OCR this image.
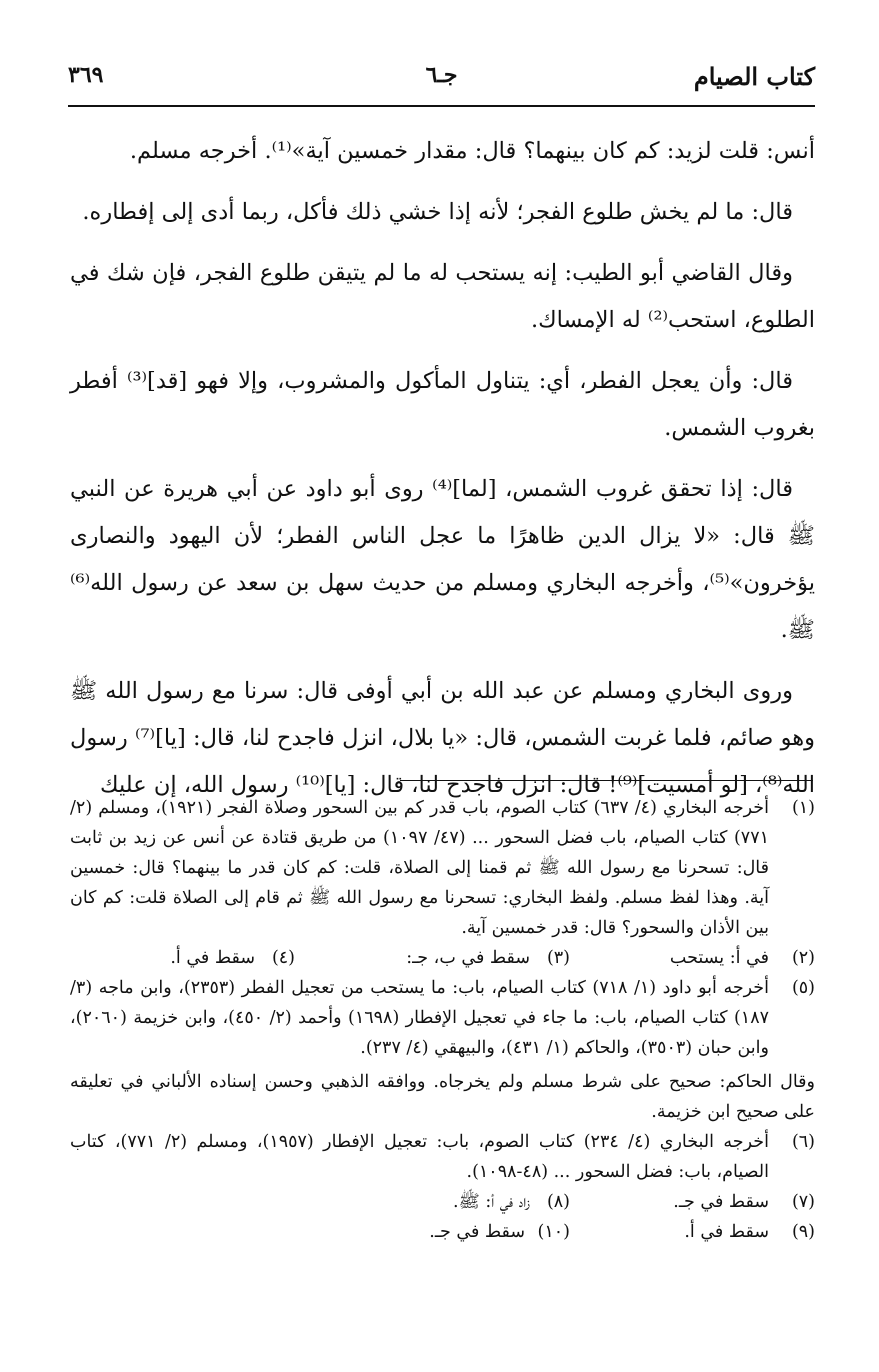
كتاب الصيام
جـ٦
٣٦٩

أنس: قلت لزيد: كم كان بينهما؟ قال: مقدار خمسين آية»⁽¹⁾. أخرجه مسلم.

قال: ما لم يخش طلوع الفجر؛ لأنه إذا خشي ذلك فأكل، ربما أدى إلى إفطاره.

وقال القاضي أبو الطيب: إنه يستحب له ما لم يتيقن طلوع الفجر، فإن شك في الطلوع، استحب⁽²⁾ له الإمساك.

قال: وأن يعجل الفطر، أي: يتناول المأكول والمشروب، وإلا فهو [قد]⁽³⁾ أفطر بغروب الشمس.

قال: إذا تحقق غروب الشمس، [لما]⁽⁴⁾ روى أبو داود عن أبي هريرة عن النبي ﷺ قال: «لا يزال الدين ظاهرًا ما عجل الناس الفطر؛ لأن اليهود والنصارى يؤخرون»⁽⁵⁾، وأخرجه البخاري ومسلم من حديث سهل بن سعد عن رسول الله⁽⁶⁾ ﷺ.

وروى البخاري ومسلم عن عبد الله بن أبي أوفى قال: سرنا مع رسول الله ﷺ وهو صائم، فلما غربت الشمس، قال: «يا بلال، انزل فاجدح لنا، قال: [يا]⁽⁷⁾ رسول الله⁽⁸⁾، [لو أمسيت]⁽⁹⁾! قال: انزل فاجدح لنا، قال: [يا]⁽¹⁰⁾ رسول الله، إن عليك

(١)
أخرجه البخاري (٤/ ٦٣٧) كتاب الصوم، باب قدر كم بين السحور وصلاة الفجر (١٩٢١)، ومسلم (٢/ ٧٧١) كتاب الصيام، باب فضل السحور ... (٤٧/ ١٠٩٧) من طريق قتادة عن أنس عن زيد بن ثابت قال: تسحرنا مع رسول الله ﷺ ثم قمنا إلى الصلاة، قلت: كم كان قدر ما بينهما؟ قال: خمسين آية. وهذا لفظ مسلم. ولفظ البخاري: تسحرنا مع رسول الله ﷺ ثم قام إلى الصلاة قلت: كم كان بين الأذان والسحور؟ قال: قدر خمسين آية.
(٢)
في أ: يستحب
(٣)
سقط في ب، جـ:
(٤)
سقط في أ.
(٥)
أخرجه أبو داود (١/ ٧١٨) كتاب الصيام، باب: ما يستحب من تعجيل الفطر (٢٣٥٣)، وابن ماجه (٣/ ١٨٧) كتاب الصيام، باب: ما جاء في تعجيل الإفطار (١٦٩٨) وأحمد (٢/ ٤٥٠)، وابن خزيمة (٢٠٦٠)، وابن حبان (٣٥٠٣)، والحاكم (١/ ٤٣١)، والبيهقي (٤/ ٢٣٧).
وقال الحاكم: صحيح على شرط مسلم ولم يخرجاه. ووافقه الذهبي وحسن إسناده الألباني في تعليقه على صحيح ابن خزيمة.
(٦)
أخرجه البخاري (٤/ ٢٣٤) كتاب الصوم، باب: تعجيل الإفطار (١٩٥٧)، ومسلم (٢/ ٧٧١)، كتاب الصيام، باب: فضل السحور ... (٤٨-١٠٩٨).
(٧)
سقط في جـ.
(٨)
زاد في أ: ﷺ.
(٩)
سقط في أ.
(١٠)
سقط في جـ.
